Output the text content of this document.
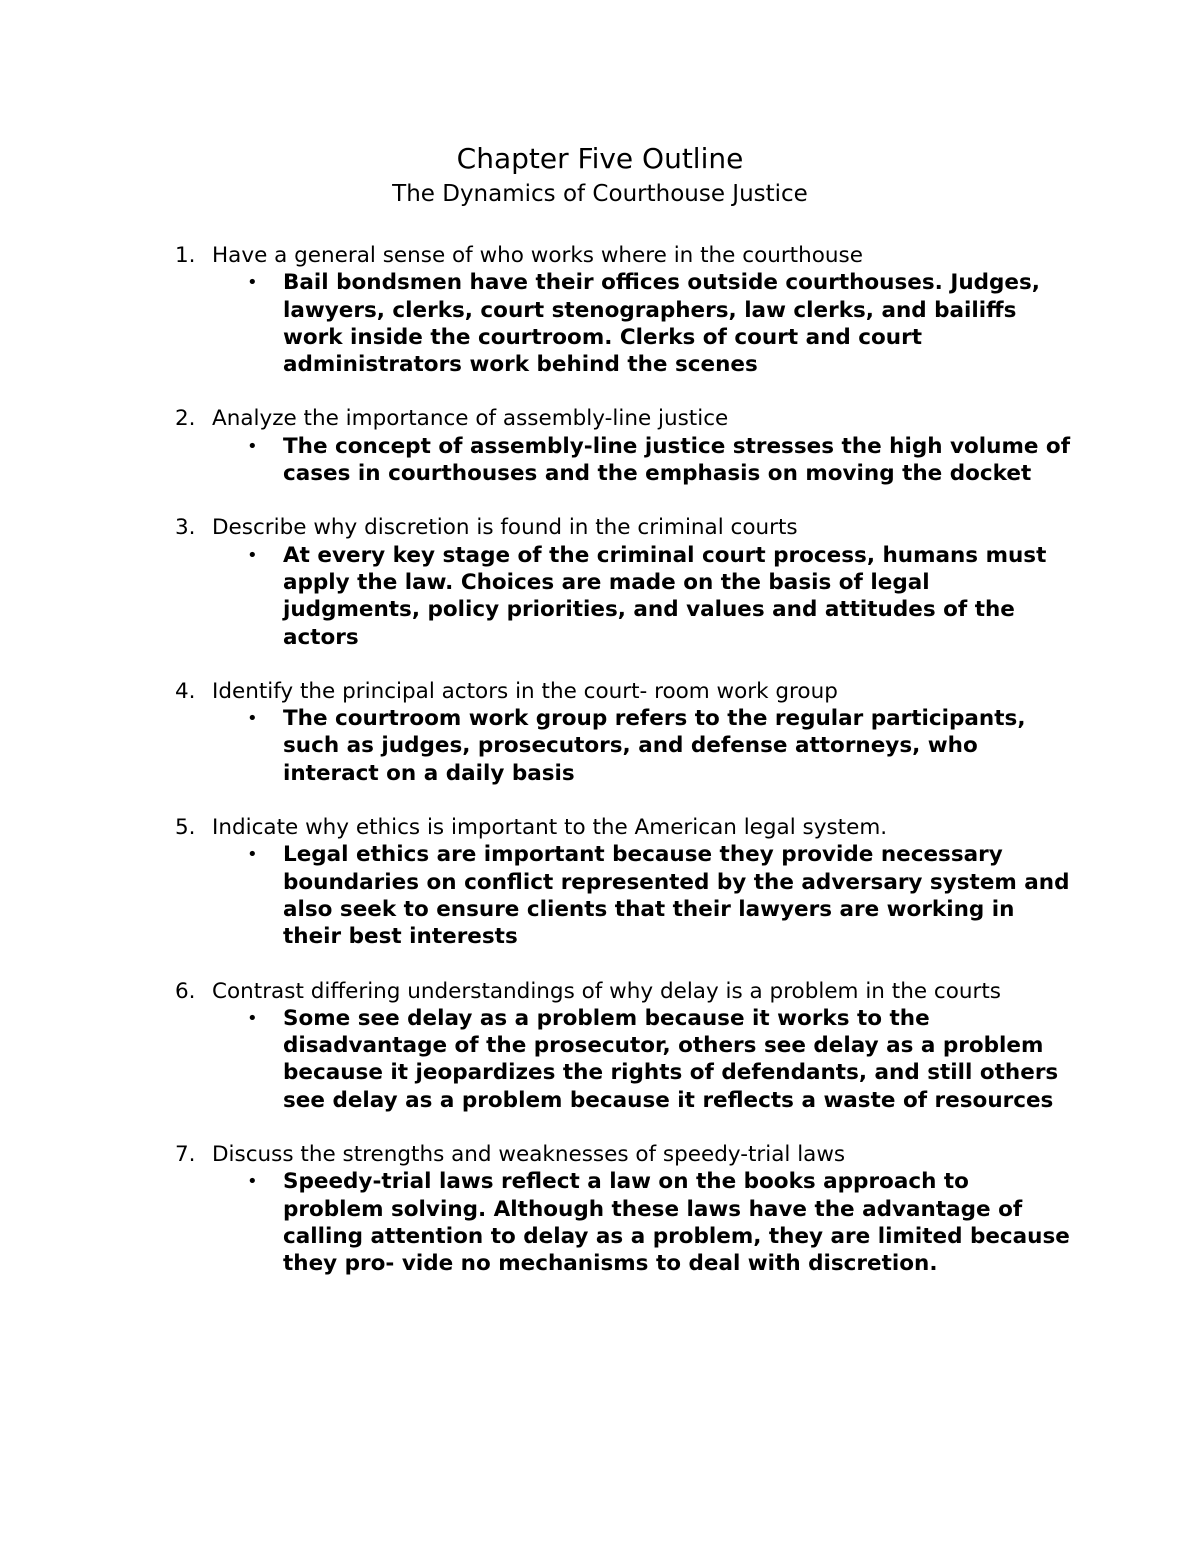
Chapter Five Outline
The Dynamics of Courthouse Justice
1. Have a general sense of who works where in the courthouse
• Bail bondsmen have their offices outside courthouses. Judges, lawyers, clerks, court stenographers, law clerks, and bailiffs work inside the courtroom. Clerks of court and court administrators work behind the scenes
2. Analyze the importance of assembly-line justice
• The concept of assembly-line justice stresses the high volume of cases in courthouses and the emphasis on moving the docket
3. Describe why discretion is found in the criminal courts
• At every key stage of the criminal court process, humans must apply the law. Choices are made on the basis of legal judgments, policy priorities, and values and attitudes of the actors
4. Identify the principal actors in the court- room work group
• The courtroom work group refers to the regular participants, such as judges, prosecutors, and defense attorneys, who interact on a daily basis
5. Indicate why ethics is important to the American legal system.
• Legal ethics are important because they provide necessary boundaries on conflict represented by the adversary system and also seek to ensure clients that their lawyers are working in their best interests
6. Contrast differing understandings of why delay is a problem in the courts
• Some see delay as a problem because it works to the disadvantage of the prosecutor, others see delay as a problem because it jeopardizes the rights of defendants, and still others see delay as a problem because it reflects a waste of resources
7. Discuss the strengths and weaknesses of speedy-trial laws
• Speedy-trial laws reflect a law on the books approach to problem solving. Although these laws have the advantage of calling attention to delay as a problem, they are limited because they pro- vide no mechanisms to deal with discretion.
